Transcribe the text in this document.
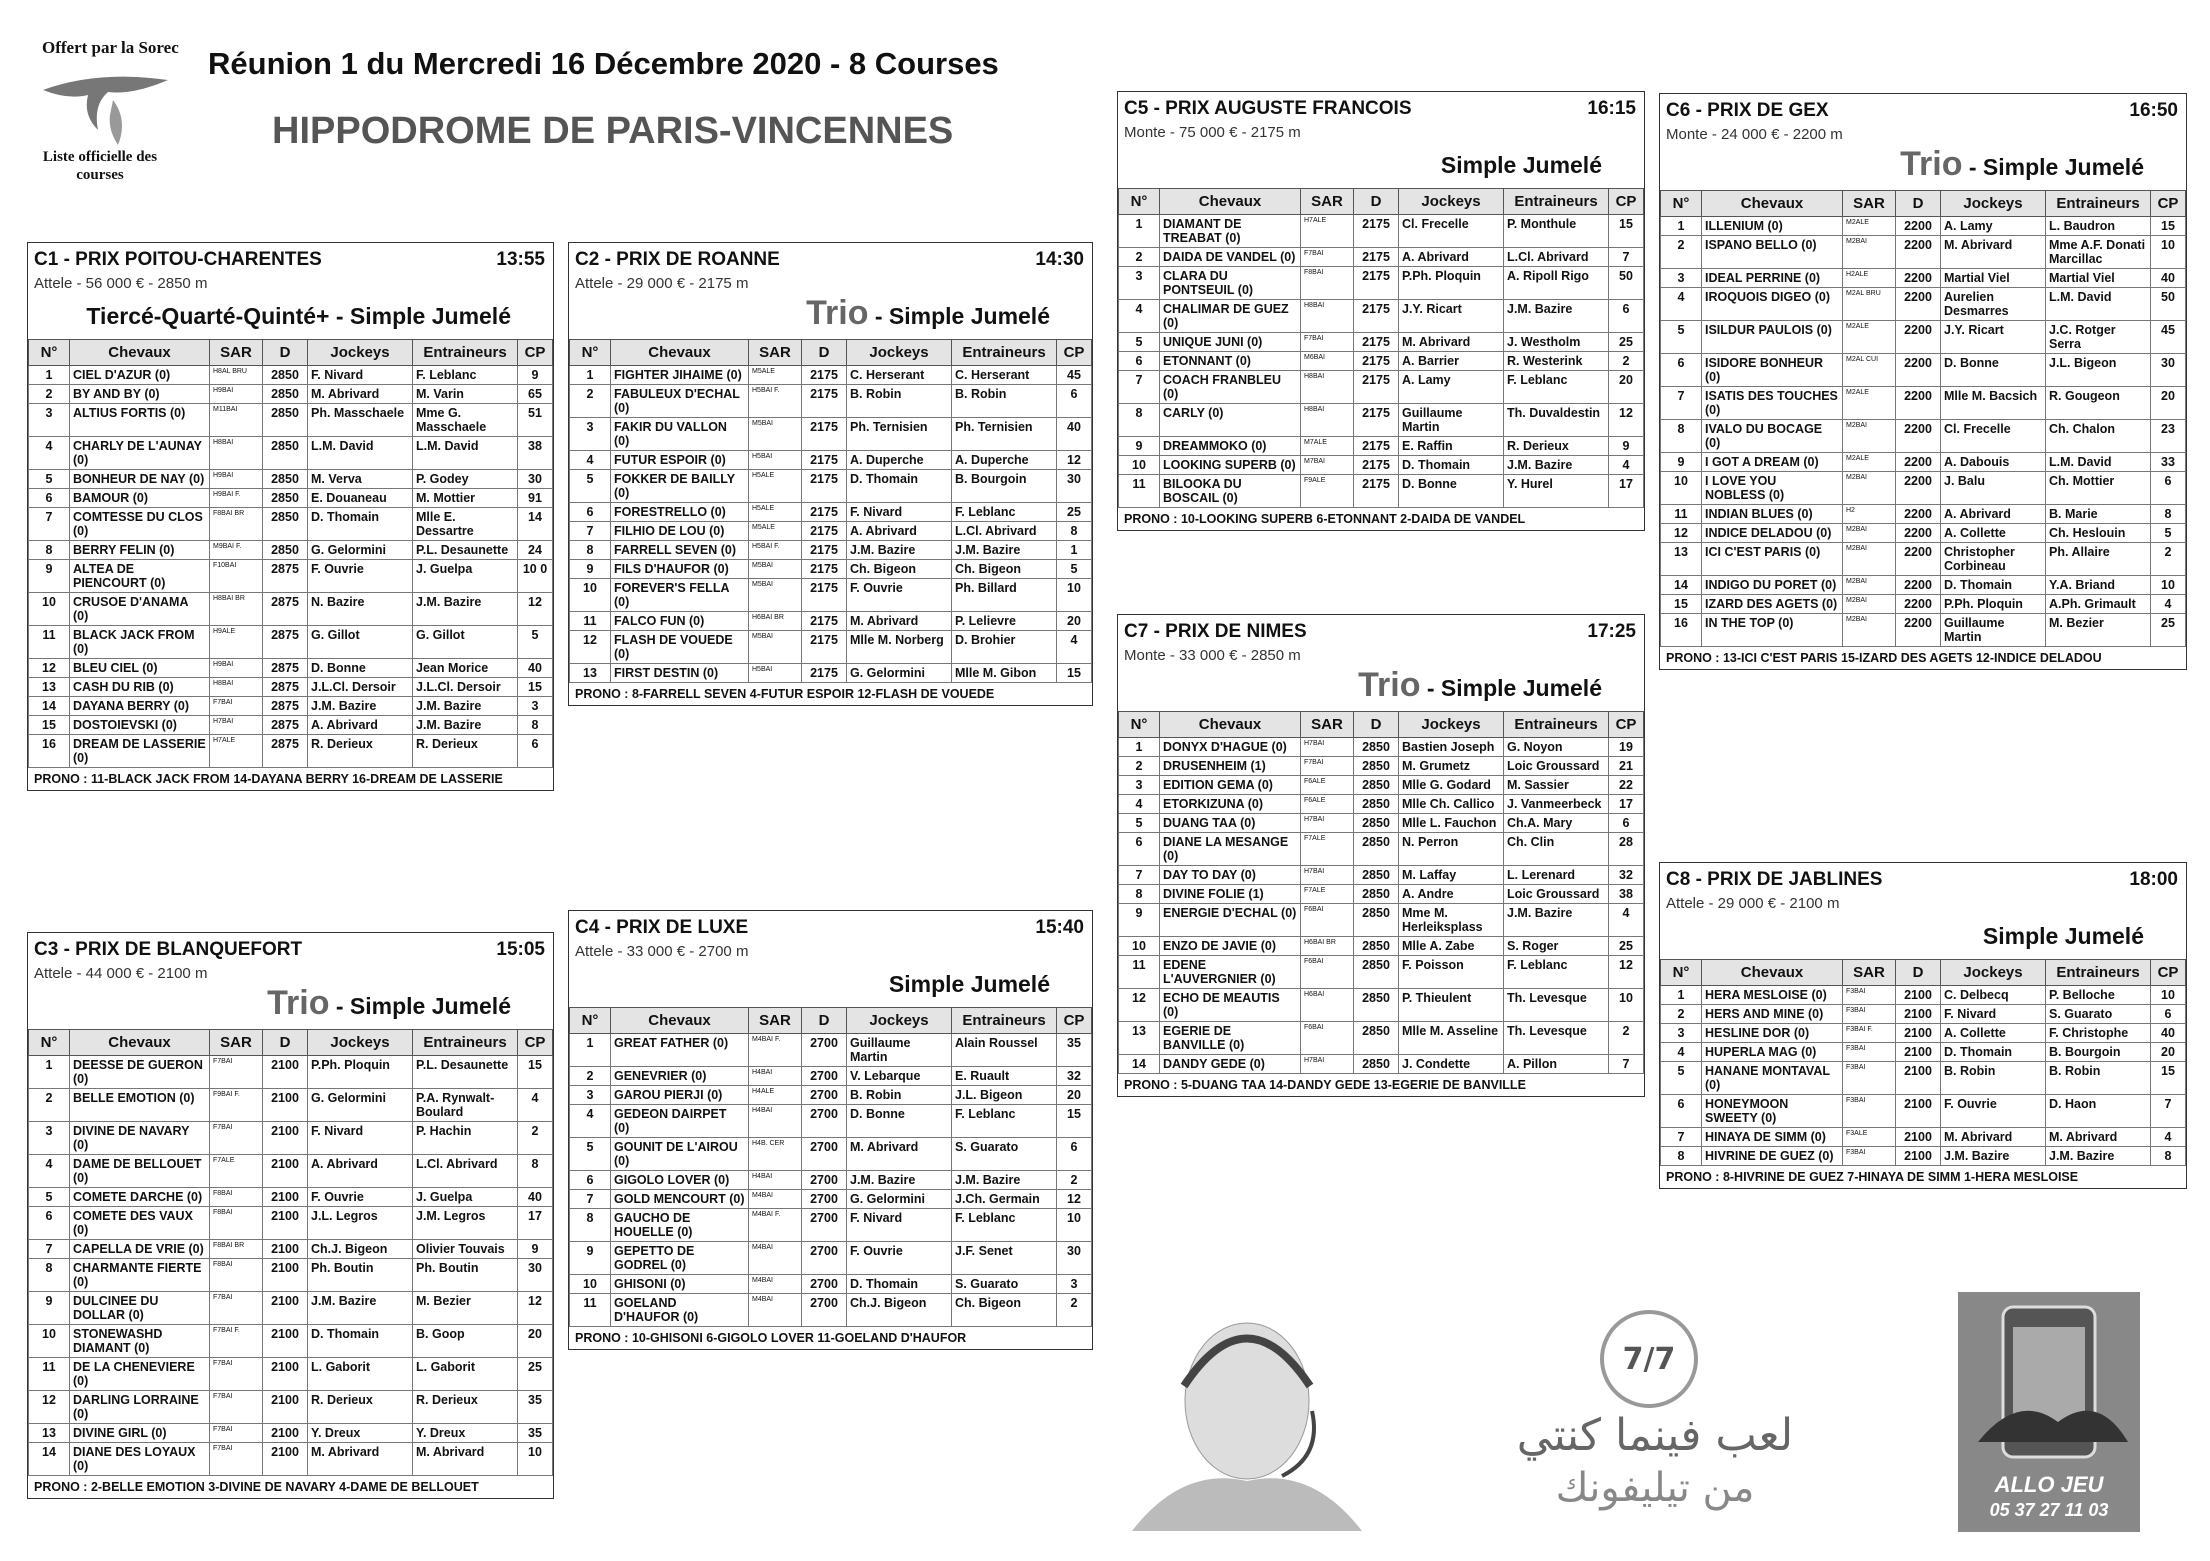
Offert par la Sorec
Liste officielle des courses
Réunion 1 du Mercredi 16 Décembre 2020 - 8 Courses
HIPPODROME DE PARIS-VINCENNES
C1 - PRIX POITOU-CHARENTES	13:55
Attele - 56 000 € - 2850 m
Tiercé-Quarté-Quinté+ - Simple Jumelé
N°	Chevaux	SAR	D	Jockeys	Entraineurs	CP
1	CIEL D'AZUR (0)	H8AL BRU	2850	F. Nivard	F. Leblanc	9
2	BY AND BY (0)	H9BAI	2850	M. Abrivard	M. Varin	65
3	ALTIUS FORTIS (0)	M11BAI	2850	Ph. Masschaele	Mme G. Masschaele	51
4	CHARLY DE L'AUNAY (0)	H8BAI	2850	L.M. David	L.M. David	38
5	BONHEUR DE NAY (0)	H9BAI	2850	M. Verva	P. Godey	30
6	BAMOUR (0)	H9BAI F.	2850	E. Douaneau	M. Mottier	91
7	COMTESSE DU CLOS (0)	F8BAI BR	2850	D. Thomain	Mlle E. Dessartre	14
8	BERRY FELIN (0)	M9BAI F.	2850	G. Gelormini	P.L. Desaunette	24
9	ALTEA DE PIENCOURT (0)	F10BAI	2875	F. Ouvrie	J. Guelpa	10 0
10	CRUSOE D'ANAMA (0)	H8BAI BR	2875	N. Bazire	J.M. Bazire	12
11	BLACK JACK FROM (0)	H9ALE	2875	G. Gillot	G. Gillot	5
12	BLEU CIEL (0)	H9BAI	2875	D. Bonne	Jean Morice	40
13	CASH DU RIB (0)	H8BAI	2875	J.L.Cl. Dersoir	J.L.Cl. Dersoir	15
14	DAYANA BERRY (0)	F7BAI	2875	J.M. Bazire	J.M. Bazire	3
15	DOSTOIEVSKI (0)	H7BAI	2875	A. Abrivard	J.M. Bazire	8
16	DREAM DE LASSERIE (0)	H7ALE	2875	R. Derieux	R. Derieux	6
PRONO : 11-BLACK JACK FROM 14-DAYANA BERRY 16-DREAM DE LASSERIE
C3 - PRIX DE BLANQUEFORT	15:05
Attele - 44 000 € - 2100 m
Trio - Simple Jumelé
N°	Chevaux	SAR	D	Jockeys	Entraineurs	CP
1	DEESSE DE GUERON (0)	F7BAI	2100	P.Ph. Ploquin	P.L. Desaunette	15
2	BELLE EMOTION (0)	F9BAI F.	2100	G. Gelormini	P.A. Rynwalt-Boulard	4
3	DIVINE DE NAVARY (0)	F7BAI	2100	F. Nivard	P. Hachin	2
4	DAME DE BELLOUET (0)	F7ALE	2100	A. Abrivard	L.Cl. Abrivard	8
5	COMETE DARCHE (0)	F8BAI	2100	F. Ouvrie	J. Guelpa	40
6	COMETE DES VAUX (0)	F8BAI	2100	J.L. Legros	J.M. Legros	17
7	CAPELLA DE VRIE (0)	F8BAI BR	2100	Ch.J. Bigeon	Olivier Touvais	9
8	CHARMANTE FIERTE (0)	F8BAI	2100	Ph. Boutin	Ph. Boutin	30
9	DULCINEE DU DOLLAR (0)	F7BAI	2100	J.M. Bazire	M. Bezier	12
10	STONEWASHD DIAMANT (0)	F7BAI F.	2100	D. Thomain	B. Goop	20
11	DE LA CHENEVIERE (0)	F7BAI	2100	L. Gaborit	L. Gaborit	25
12	DARLING LORRAINE (0)	F7BAI	2100	R. Derieux	R. Derieux	35
13	DIVINE GIRL (0)	F7BAI	2100	Y. Dreux	Y. Dreux	35
14	DIANE DES LOYAUX (0)	F7BAI	2100	M. Abrivard	M. Abrivard	10
PRONO : 2-BELLE EMOTION 3-DIVINE DE NAVARY 4-DAME DE BELLOUET
C2 - PRIX DE ROANNE	14:30
Attele - 29 000 € - 2175 m
Trio - Simple Jumelé
N°	Chevaux	SAR	D	Jockeys	Entraineurs	CP
1	FIGHTER JIHAIME (0)	M5ALE	2175	C. Herserant	C. Herserant	45
2	FABULEUX D'ECHAL (0)	H5BAI F.	2175	B. Robin	B. Robin	6
3	FAKIR DU VALLON (0)	M5BAI	2175	Ph. Ternisien	Ph. Ternisien	40
4	FUTUR ESPOIR (0)	H5BAI	2175	A. Duperche	A. Duperche	12
5	FOKKER DE BAILLY (0)	H5ALE	2175	D. Thomain	B. Bourgoin	30
6	FORESTRELLO (0)	H5ALE	2175	F. Nivard	F. Leblanc	25
7	FILHIO DE LOU (0)	M5ALE	2175	A. Abrivard	L.Cl. Abrivard	8
8	FARRELL SEVEN (0)	H5BAI F.	2175	J.M. Bazire	J.M. Bazire	1
9	FILS D'HAUFOR (0)	M5BAI	2175	Ch. Bigeon	Ch. Bigeon	5
10	FOREVER'S FELLA (0)	M5BAI	2175	F. Ouvrie	Ph. Billard	10
11	FALCO FUN (0)	H6BAI BR	2175	M. Abrivard	P. Lelievre	20
12	FLASH DE VOUEDE (0)	M5BAI	2175	Mlle M. Norberg	D. Brohier	4
13	FIRST DESTIN (0)	H5BAI	2175	G. Gelormini	Mlle M. Gibon	15
PRONO : 8-FARRELL SEVEN 4-FUTUR ESPOIR 12-FLASH DE VOUEDE
C4 - PRIX DE LUXE	15:40
Attele - 33 000 € - 2700 m
Simple Jumelé
N°	Chevaux	SAR	D	Jockeys	Entraineurs	CP
1	GREAT FATHER (0)	M4BAI F.	2700	Guillaume Martin	Alain Roussel	35
2	GENEVRIER (0)	H4BAI	2700	V. Lebarque	E. Ruault	32
3	GAROU PIERJI (0)	H4ALE	2700	B. Robin	J.L. Bigeon	20
4	GEDEON DAIRPET (0)	H4BAI	2700	D. Bonne	F. Leblanc	15
5	GOUNIT DE L'AIROU (0)	H4B. CER	2700	M. Abrivard	S. Guarato	6
6	GIGOLO LOVER (0)	H4BAI	2700	J.M. Bazire	J.M. Bazire	2
7	GOLD MENCOURT (0)	M4BAI	2700	G. Gelormini	J.Ch. Germain	12
8	GAUCHO DE HOUELLE (0)	M4BAI F.	2700	F. Nivard	F. Leblanc	10
9	GEPETTO DE GODREL (0)	M4BAI	2700	F. Ouvrie	J.F. Senet	30
10	GHISONI (0)	M4BAI	2700	D. Thomain	S. Guarato	3
11	GOELAND D'HAUFOR (0)	M4BAI	2700	Ch.J. Bigeon	Ch. Bigeon	2
PRONO : 10-GHISONI 6-GIGOLO LOVER 11-GOELAND D'HAUFOR
C5 - PRIX AUGUSTE FRANCOIS	16:15
Monte - 75 000 € - 2175 m
Simple Jumelé
N°	Chevaux	SAR	D	Jockeys	Entraineurs	CP
1	DIAMANT DE TREABAT (0)	H7ALE	2175	Cl. Frecelle	P. Monthule	15
2	DAIDA DE VANDEL (0)	F7BAI	2175	A. Abrivard	L.Cl. Abrivard	7
3	CLARA DU PONTSEUIL (0)	F8BAI	2175	P.Ph. Ploquin	A. Ripoll Rigo	50
4	CHALIMAR DE GUEZ (0)	H8BAI	2175	J.Y. Ricart	J.M. Bazire	6
5	UNIQUE JUNI (0)	F7BAI	2175	M. Abrivard	J. Westholm	25
6	ETONNANT (0)	M6BAI	2175	A. Barrier	R. Westerink	2
7	COACH FRANBLEU (0)	H8BAI	2175	A. Lamy	F. Leblanc	20
8	CARLY (0)	H8BAI	2175	Guillaume Martin	Th. Duvaldestin	12
9	DREAMMOKO (0)	M7ALE	2175	E. Raffin	R. Derieux	9
10	LOOKING SUPERB (0)	M7BAI	2175	D. Thomain	J.M. Bazire	4
11	BILOOKA DU BOSCAIL (0)	F9ALE	2175	D. Bonne	Y. Hurel	17
PRONO : 10-LOOKING SUPERB 6-ETONNANT 2-DAIDA DE VANDEL
C7 - PRIX DE NIMES	17:25
Monte - 33 000 € - 2850 m
Trio - Simple Jumelé
N°	Chevaux	SAR	D	Jockeys	Entraineurs	CP
1	DONYX D'HAGUE (0)	H7BAI	2850	Bastien Joseph	G. Noyon	19
2	DRUSENHEIM (1)	F7BAI	2850	M. Grumetz	Loic Groussard	21
3	EDITION GEMA (0)	F6ALE	2850	Mlle G. Godard	M. Sassier	22
4	ETORKIZUNA (0)	F6ALE	2850	Mlle Ch. Callico	J. Vanmeerbeck	17
5	DUANG TAA (0)	H7BAI	2850	Mlle L. Fauchon	Ch.A. Mary	6
6	DIANE LA MESANGE (0)	F7ALE	2850	N. Perron	Ch. Clin	28
7	DAY TO DAY (0)	H7BAI	2850	M. Laffay	L. Lerenard	32
8	DIVINE FOLIE (1)	F7ALE	2850	A. Andre	Loic Groussard	38
9	ENERGIE D'ECHAL (0)	F6BAI	2850	Mme M. Herleiksplass	J.M. Bazire	4
10	ENZO DE JAVIE (0)	H6BAI BR	2850	Mlle A. Zabe	S. Roger	25
11	EDENE L'AUVERGNIER (0)	F6BAI	2850	F. Poisson	F. Leblanc	12
12	ECHO DE MEAUTIS (0)	H6BAI	2850	P. Thieulent	Th. Levesque	10
13	EGERIE DE BANVILLE (0)	F6BAI	2850	Mlle M. Asseline	Th. Levesque	2
14	DANDY GEDE (0)	H7BAI	2850	J. Condette	A. Pillon	7
PRONO : 5-DUANG TAA 14-DANDY GEDE 13-EGERIE DE BANVILLE
C6 - PRIX DE GEX	16:50
Monte - 24 000 € - 2200 m
Trio - Simple Jumelé
N°	Chevaux	SAR	D	Jockeys	Entraineurs	CP
1	ILLENIUM (0)	M2ALE	2200	A. Lamy	L. Baudron	15
2	ISPANO BELLO (0)	M2BAI	2200	M. Abrivard	Mme A.F. Donati Marcillac	10
3	IDEAL PERRINE (0)	H2ALE	2200	Martial Viel	Martial Viel	40
4	IROQUOIS DIGEO (0)	M2AL BRU	2200	Aurelien Desmarres	L.M. David	50
5	ISILDUR PAULOIS (0)	M2ALE	2200	J.Y. Ricart	J.C. Rotger Serra	45
6	ISIDORE BONHEUR (0)	M2AL CUI	2200	D. Bonne	J.L. Bigeon	30
7	ISATIS DES TOUCHES (0)	M2ALE	2200	Mlle M. Bacsich	R. Gougeon	20
8	IVALO DU BOCAGE (0)	M2BAI	2200	Cl. Frecelle	Ch. Chalon	23
9	I GOT A DREAM (0)	M2ALE	2200	A. Dabouis	L.M. David	33
10	I LOVE YOU NOBLESS (0)	M2BAI	2200	J. Balu	Ch. Mottier	6
11	INDIAN BLUES (0)	H2	2200	A. Abrivard	B. Marie	8
12	INDICE DELADOU (0)	M2BAI	2200	A. Collette	Ch. Heslouin	5
13	ICI C'EST PARIS (0)	M2BAI	2200	Christopher Corbineau	Ph. Allaire	2
14	INDIGO DU PORET (0)	M2BAI	2200	D. Thomain	Y.A. Briand	10
15	IZARD DES AGETS (0)	M2BAI	2200	P.Ph. Ploquin	A.Ph. Grimault	4
16	IN THE TOP (0)	M2BAI	2200	Guillaume Martin	M. Bezier	25
PRONO : 13-ICI C'EST PARIS 15-IZARD DES AGETS 12-INDICE DELADOU
C8 - PRIX DE JABLINES	18:00
Attele - 29 000 € - 2100 m
Simple Jumelé
N°	Chevaux	SAR	D	Jockeys	Entraineurs	CP
1	HERA MESLOISE (0)	F3BAI	2100	C. Delbecq	P. Belloche	10
2	HERS AND MINE (0)	F3BAI	2100	F. Nivard	S. Guarato	6
3	HESLINE DOR (0)	F3BAI F.	2100	A. Collette	F. Christophe	40
4	HUPERLA MAG (0)	F3BAI	2100	D. Thomain	B. Bourgoin	20
5	HANANE MONTAVAL (0)	F3BAI	2100	B. Robin	B. Robin	15
6	HONEYMOON SWEETY (0)	F3BAI	2100	F. Ouvrie	D. Haon	7
7	HINAYA DE SIMM (0)	F3ALE	2100	M. Abrivard	M. Abrivard	4
8	HIVRINE DE GUEZ (0)	F3BAI	2100	J.M. Bazire	J.M. Bazire	8
PRONO : 8-HIVRINE DE GUEZ 7-HINAYA DE SIMM 1-HERA MESLOISE
7/7
لعب فينما كنتي
من تيليفونك	ALLO JEU
05 37 27 11 03
